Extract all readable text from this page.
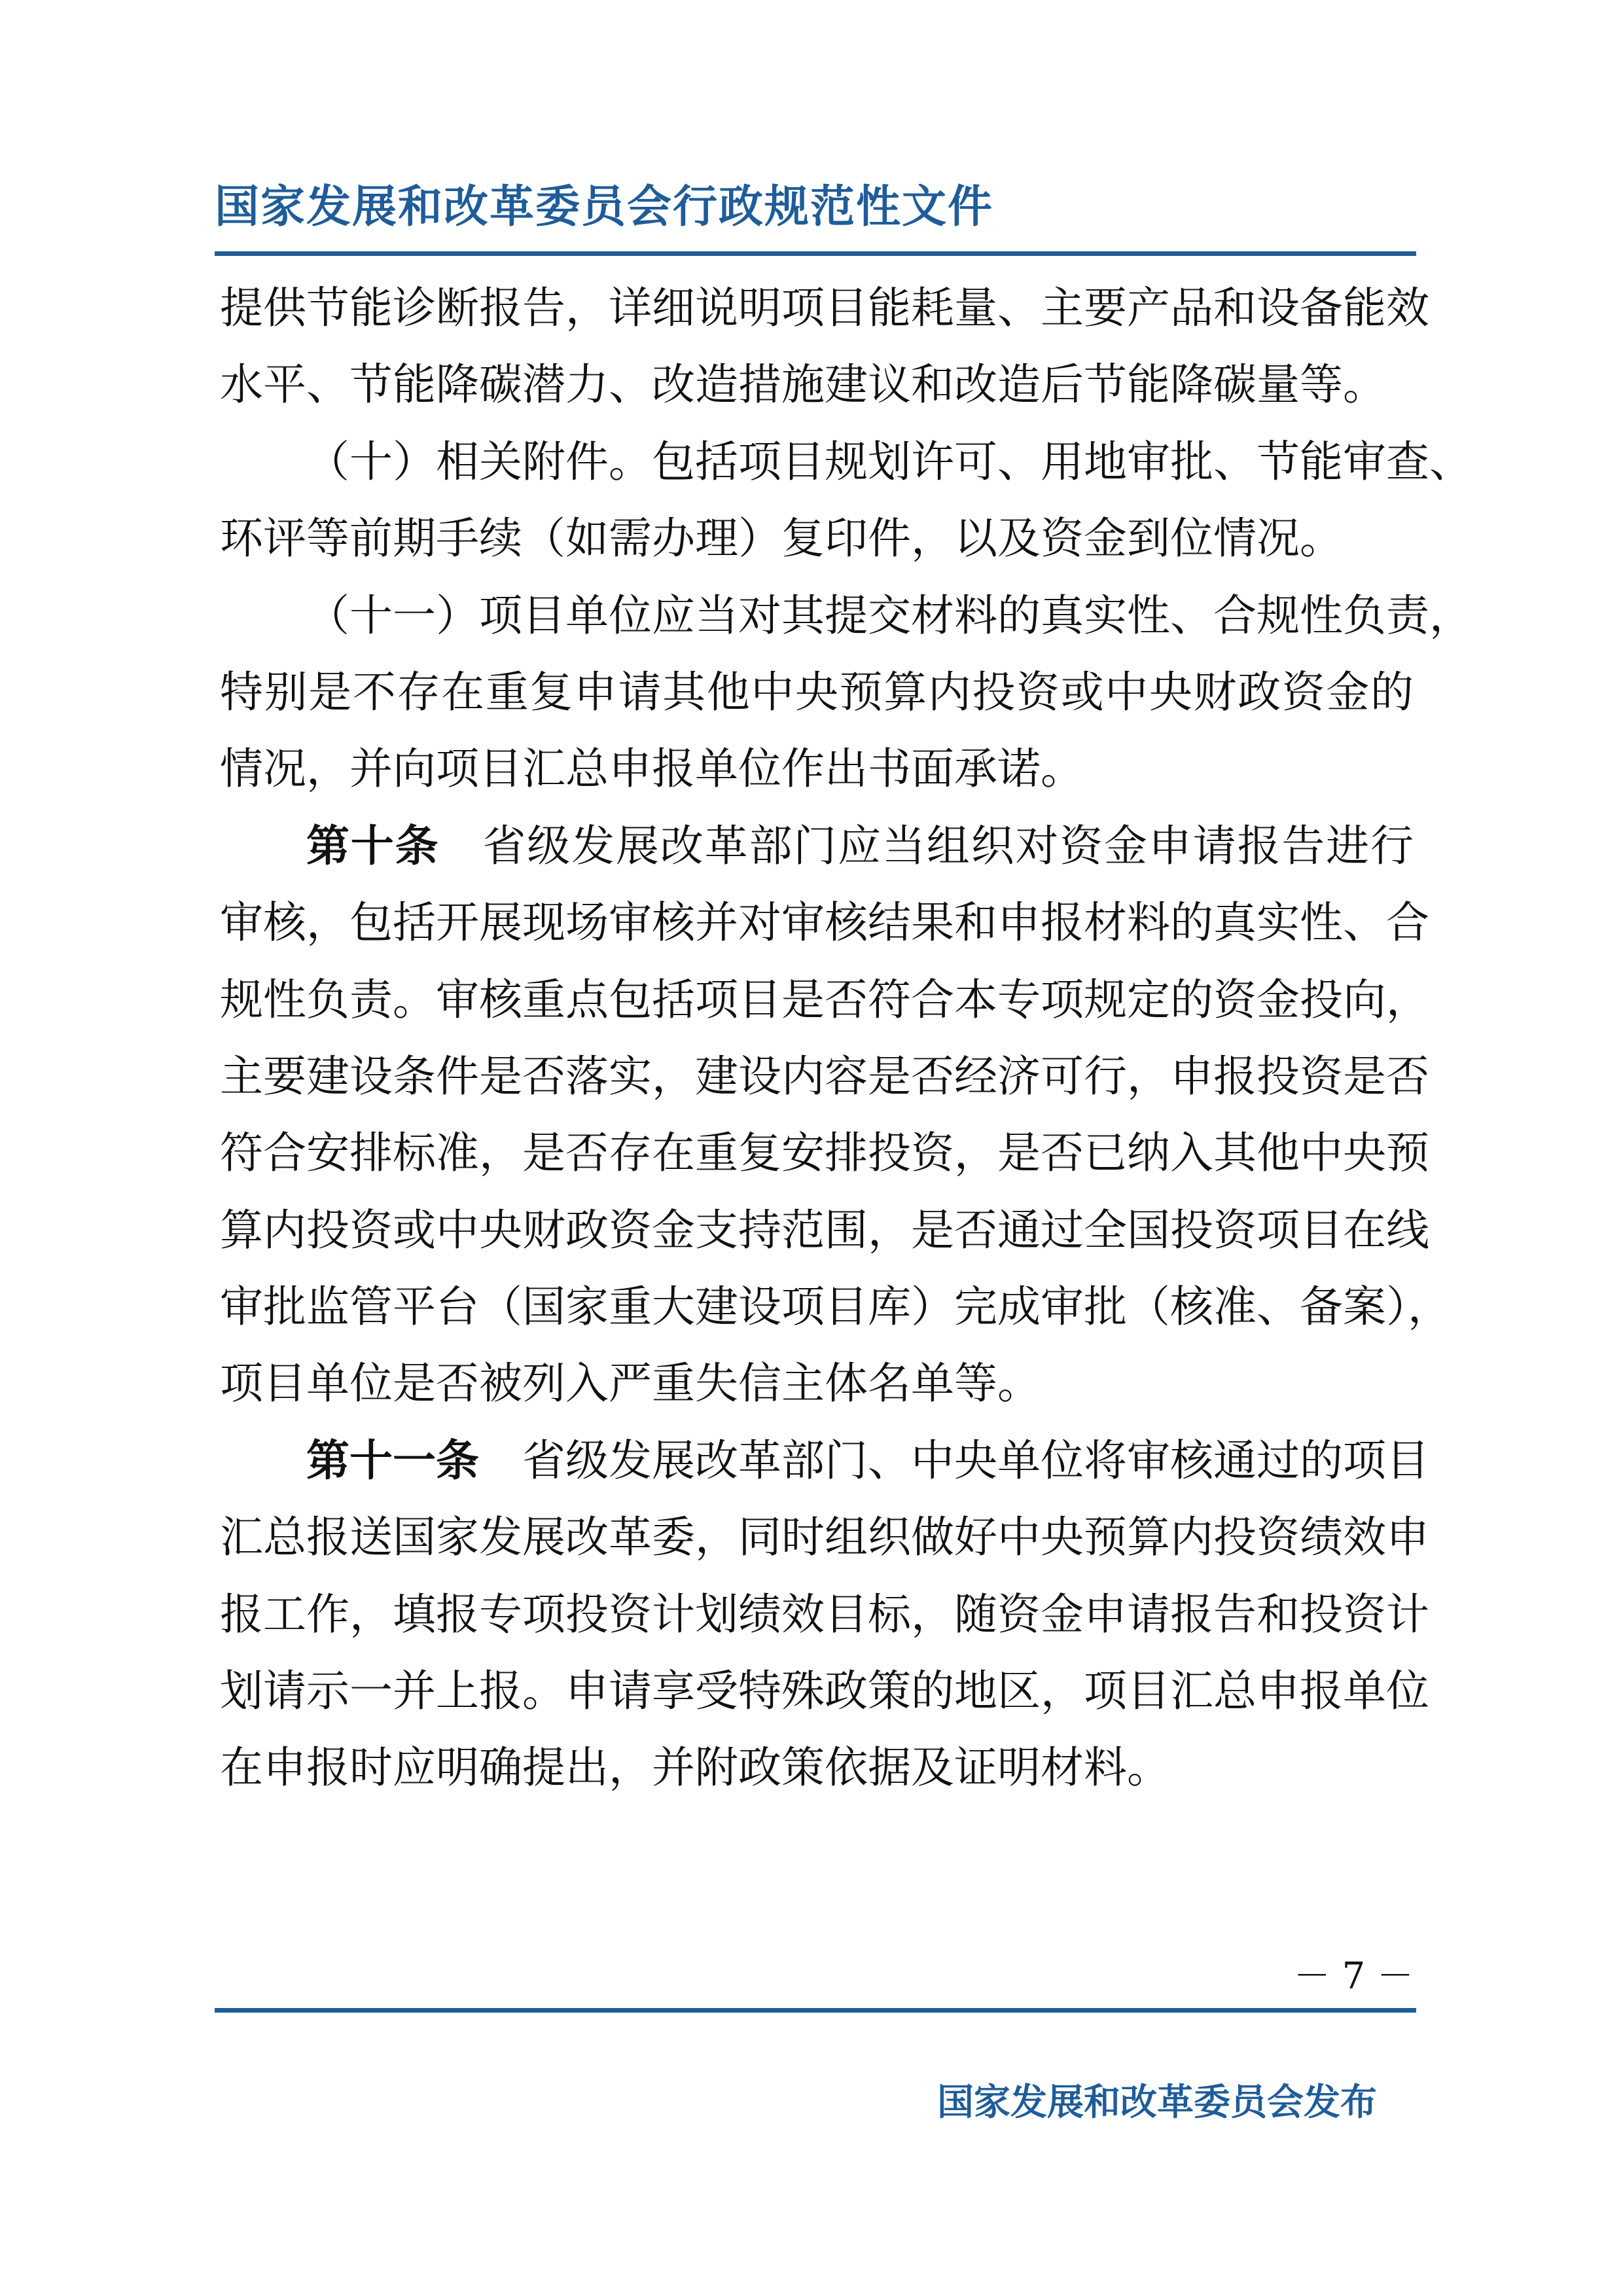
国家发展和改革委员会行政规范性文件
提供节能诊断报告，详细说明项目能耗量、主要产品和设备能效
水平、节能降碳潜力、改造措施建议和改造后节能降碳量等。
（十）相关附件。包括项目规划许可、用地审批、节能审查、
环评等前期手续（如需办理）复印件，以及资金到位情况。
（十一）项目单位应当对其提交材料的真实性、合规性负责，
特别是不存在重复申请其他中央预算内投资或中央财政资金的
情况，并向项目汇总申报单位作出书面承诺。
第十条 省级发展改革部门应当组织对资金申请报告进行
审核，包括开展现场审核并对审核结果和申报材料的真实性、合
规性负责。审核重点包括项目是否符合本专项规定的资金投向，
主要建设条件是否落实，建设内容是否经济可行，申报投资是否
符合安排标准，是否存在重复安排投资，是否已纳入其他中央预
算内投资或中央财政资金支持范围，是否通过全国投资项目在线
审批监管平台（国家重大建设项目库）完成审批（核准、备案），
项目单位是否被列入严重失信主体名单等。
第十一条 省级发展改革部门、中央单位将审核通过的项目
汇总报送国家发展改革委，同时组织做好中央预算内投资绩效申
报工作，填报专项投资计划绩效目标，随资金申请报告和投资计
划请示一并上报。申请享受特殊政策的地区，项目汇总申报单位
在申报时应明确提出，并附政策依据及证明材料。
－ 7 －
国家发展和改革委员会发布
